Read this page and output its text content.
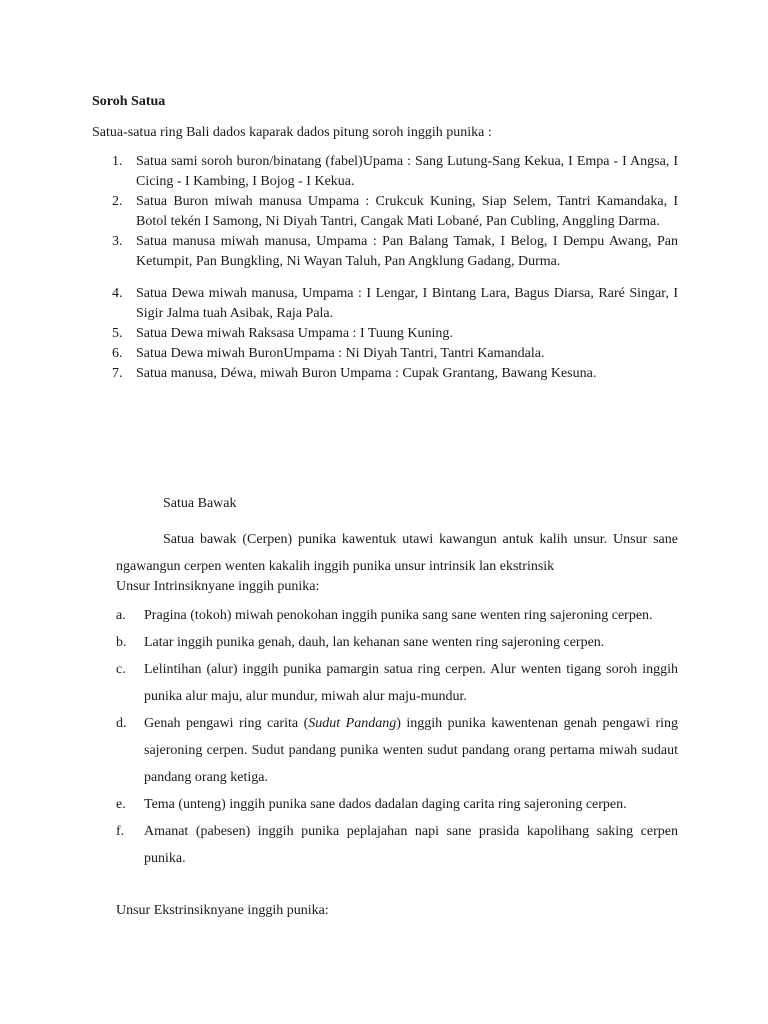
Soroh Satua
Satua-satua ring Bali dados kaparak dados pitung soroh inggih punika :
1. Satua sami soroh buron/binatang (fabel)Upama : Sang Lutung-Sang Kekua, I Empa - I Angsa, I Cicing - I Kambing, I Bojog - I Kekua.
2. Satua Buron miwah manusa Umpama : Crukcuk Kuning, Siap Selem, Tantri Kamandaka, I Botol tekén I Samong, Ni Diyah Tantri, Cangak Mati Lobané, Pan Cubling, Anggling Darma.
3. Satua manusa miwah manusa, Umpama : Pan Balang Tamak, I Belog, I Dempu Awang, Pan Ketumpit, Pan Bungkling, Ni Wayan Taluh, Pan Angklung Gadang, Durma.
4. Satua Dewa miwah manusa, Umpama : I Lengar, I Bintang Lara, Bagus Diarsa, Raré Singar, I Sigir Jalma tuah Asibak, Raja Pala.
5. Satua Dewa miwah Raksasa Umpama : I Tuung Kuning.
6. Satua Dewa miwah BuronUmpama : Ni Diyah Tantri, Tantri Kamandala.
7. Satua manusa, Déwa, miwah Buron Umpama : Cupak Grantang, Bawang Kesuna.
Satua Bawak
Satua bawak (Cerpen) punika kawentuk utawi kawangun antuk kalih unsur. Unsur sane ngawangun cerpen wenten kakalih inggih punika unsur intrinsik lan ekstrinsik
Unsur Intrinsiknyane inggih punika:
a. Pragina (tokoh) miwah penokohan inggih punika sang sane wenten ring sajeroning cerpen.
b. Latar inggih punika genah, dauh, lan kehanan sane wenten ring sajeroning cerpen.
c. Lelintihan (alur) inggih punika pamargin satua ring cerpen. Alur wenten tigang soroh inggih punika alur maju, alur mundur, miwah alur maju-mundur.
d. Genah pengawi ring carita (Sudut Pandang) inggih punika kawentenan genah pengawi ring sajeroning cerpen. Sudut pandang punika wenten sudut pandang orang pertama miwah sudaut pandang orang ketiga.
e. Tema (unteng) inggih punika sane dados dadalan daging carita ring sajeroning cerpen.
f. Amanat (pabesen) inggih punika peplajahan napi sane prasida kapolihang saking cerpen punika.
Unsur Ekstrinsiknyane inggih punika:
